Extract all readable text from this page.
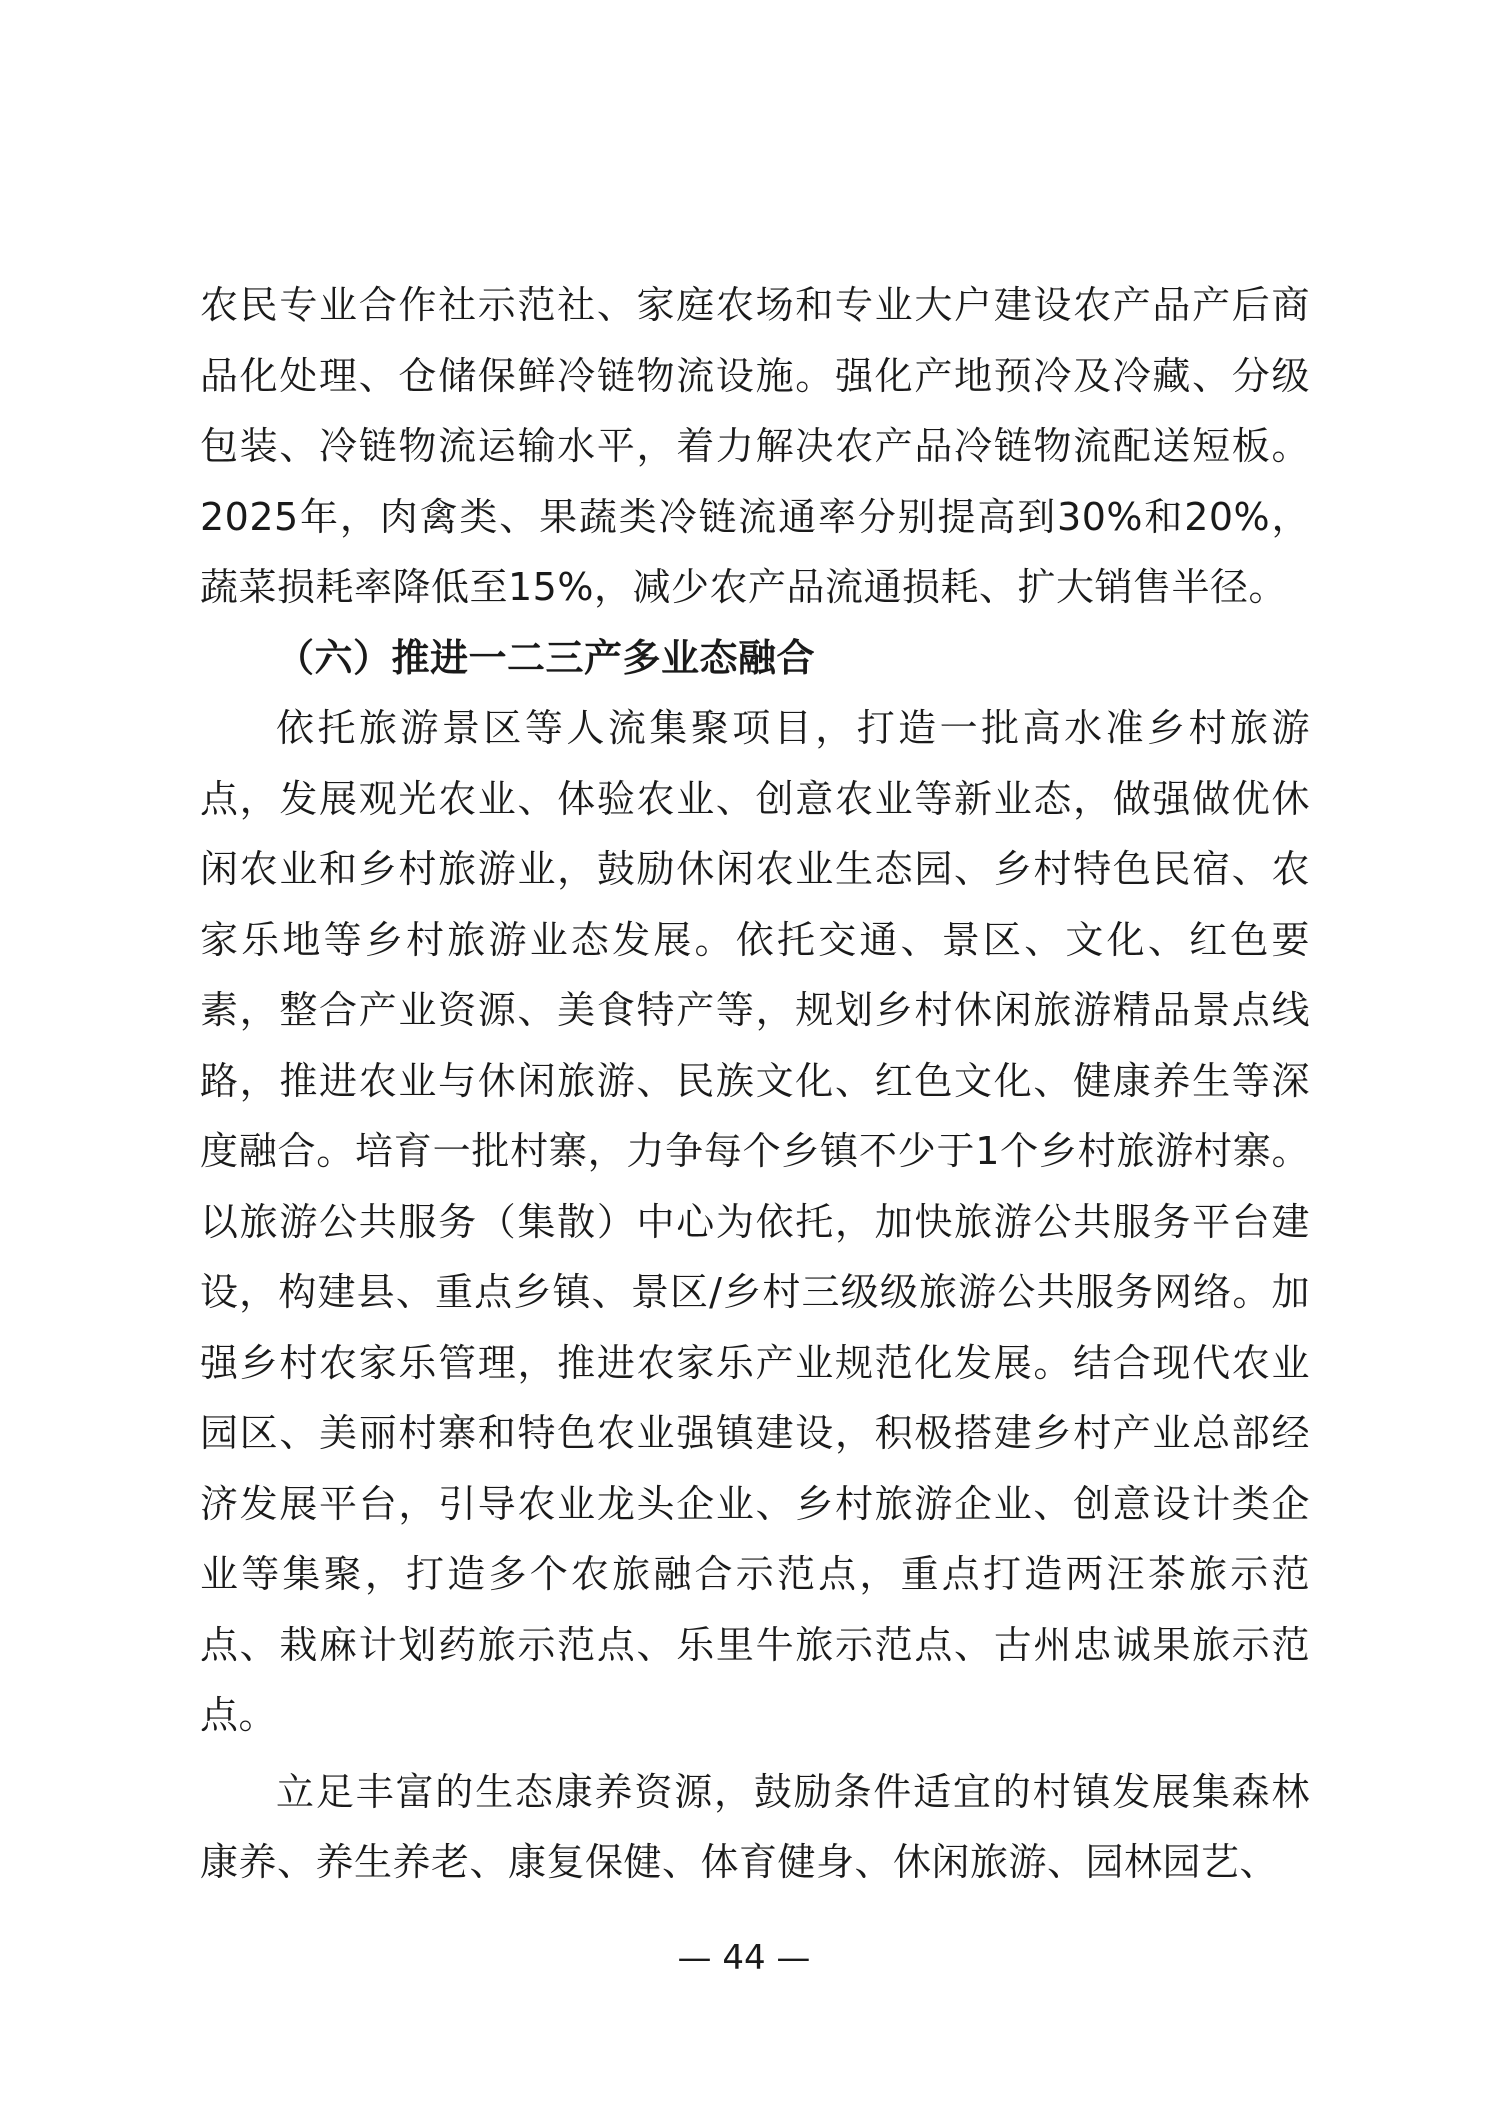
农民专业合作社示范社、家庭农场和专业大户建设农产品产后商品化处理、仓储保鲜冷链物流设施。强化产地预冷及冷藏、分级包装、冷链物流运输水平，着力解决农产品冷链物流配送短板。2025年，肉禽类、果蔬类冷链流通率分别提高到30%和20%，蔬菜损耗率降低至15%，减少农产品流通损耗、扩大销售半径。

（六）推进一二三产多业态融合

依托旅游景区等人流集聚项目，打造一批高水准乡村旅游点，发展观光农业、体验农业、创意农业等新业态，做强做优休闲农业和乡村旅游业，鼓励休闲农业生态园、乡村特色民宿、农家乐地等乡村旅游业态发展。依托交通、景区、文化、红色要素，整合产业资源、美食特产等，规划乡村休闲旅游精品景点线路，推进农业与休闲旅游、民族文化、红色文化、健康养生等深度融合。培育一批村寨，力争每个乡镇不少于1个乡村旅游村寨。以旅游公共服务（集散）中心为依托，加快旅游公共服务平台建设，构建县、重点乡镇、景区/乡村三级级旅游公共服务网络。加强乡村农家乐管理，推进农家乐产业规范化发展。结合现代农业园区、美丽村寨和特色农业强镇建设，积极搭建乡村产业总部经济发展平台，引导农业龙头企业、乡村旅游企业、创意设计类企业等集聚，打造多个农旅融合示范点，重点打造两汪茶旅示范点、栽麻计划药旅示范点、乐里牛旅示范点、古州忠诚果旅示范点。

立足丰富的生态康养资源，鼓励条件适宜的村镇发展集森林康养、养生养老、康复保健、体育健身、休闲旅游、园林园艺、

— 44 —
